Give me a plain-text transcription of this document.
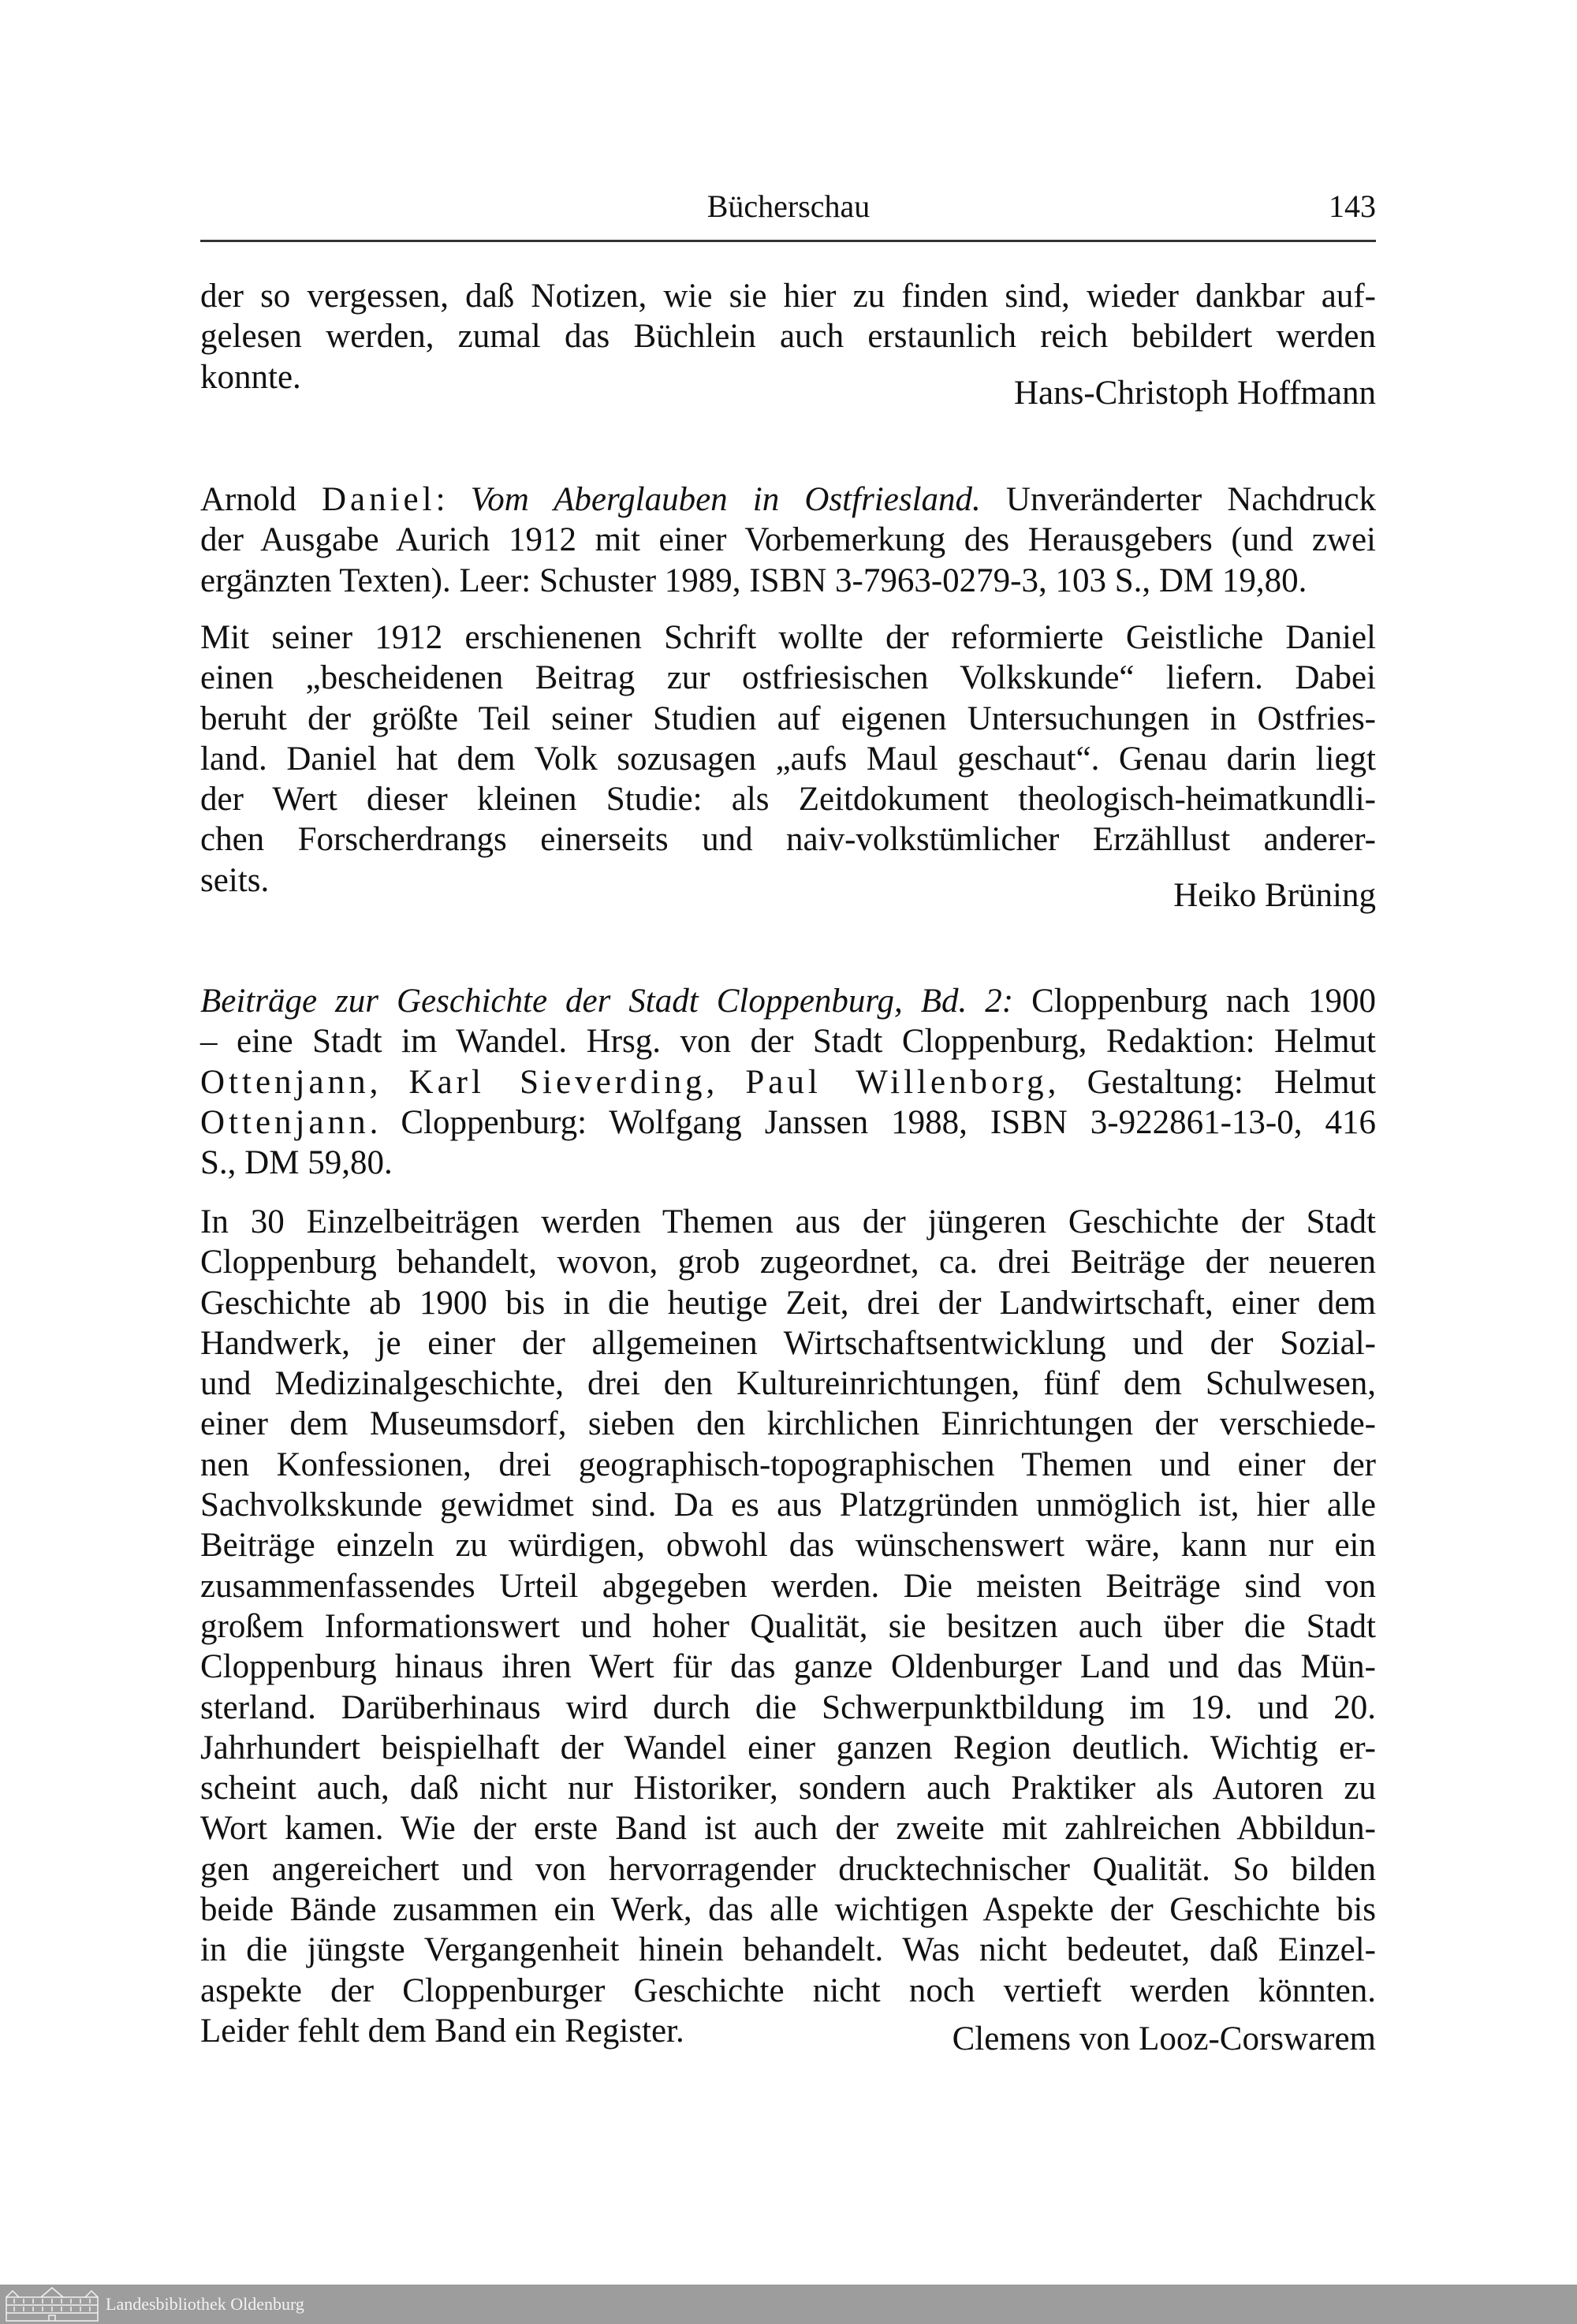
Bücherschau	143
der so vergessen, daß Notizen, wie sie hier zu finden sind, wieder dankbar auf-
gelesen werden, zumal das Büchlein auch erstaunlich reich bebildert werden
konnte.	Hans-Christoph Hoffmann
Arnold Daniel: Vom Aberglauben in Ostfriesland. Unveränderter Nachdruck
der Ausgabe Aurich 1912 mit einer Vorbemerkung des Herausgebers (und zwei
ergänzten Texten). Leer: Schuster 1989, ISBN 3-7963-0279-3, 103 S., DM 19,80.
Mit seiner 1912 erschienenen Schrift wollte der reformierte Geistliche Daniel
einen „bescheidenen Beitrag zur ostfriesischen Volkskunde“ liefern. Dabei
beruht der größte Teil seiner Studien auf eigenen Untersuchungen in Ostfries-
land. Daniel hat dem Volk sozusagen „aufs Maul geschaut“. Genau darin liegt
der Wert dieser kleinen Studie: als Zeitdokument theologisch-heimatkundli-
chen Forscherdrangs einerseits und naiv-volkstümlicher Erzähllust anderer-
seits.	Heiko Brüning
Beiträge zur Geschichte der Stadt Cloppenburg, Bd. 2: Cloppenburg nach 1900
– eine Stadt im Wandel. Hrsg. von der Stadt Cloppenburg, Redaktion: Helmut
Ottenjann, Karl Sieverding, Paul Willenborg, Gestaltung: Helmut
Ottenjann. Cloppenburg: Wolfgang Janssen 1988, ISBN 3-922861-13-0, 416
S., DM 59,80.
In 30 Einzelbeiträgen werden Themen aus der jüngeren Geschichte der Stadt
Cloppenburg behandelt, wovon, grob zugeordnet, ca. drei Beiträge der neueren
Geschichte ab 1900 bis in die heutige Zeit, drei der Landwirtschaft, einer dem
Handwerk, je einer der allgemeinen Wirtschaftsentwicklung und der Sozial-
und Medizinalgeschichte, drei den Kultureinrichtungen, fünf dem Schulwesen,
einer dem Museumsdorf, sieben den kirchlichen Einrichtungen der verschiede-
nen Konfessionen, drei geographisch-topographischen Themen und einer der
Sachvolkskunde gewidmet sind. Da es aus Platzgründen unmöglich ist, hier alle
Beiträge einzeln zu würdigen, obwohl das wünschenswert wäre, kann nur ein
zusammenfassendes Urteil abgegeben werden. Die meisten Beiträge sind von
großem Informationswert und hoher Qualität, sie besitzen auch über die Stadt
Cloppenburg hinaus ihren Wert für das ganze Oldenburger Land und das Mün-
sterland. Darüberhinaus wird durch die Schwerpunktbildung im 19. und 20.
Jahrhundert beispielhaft der Wandel einer ganzen Region deutlich. Wichtig er-
scheint auch, daß nicht nur Historiker, sondern auch Praktiker als Autoren zu
Wort kamen. Wie der erste Band ist auch der zweite mit zahlreichen Abbildun-
gen angereichert und von hervorragender drucktechnischer Qualität. So bilden
beide Bände zusammen ein Werk, das alle wichtigen Aspekte der Geschichte bis
in die jüngste Vergangenheit hinein behandelt. Was nicht bedeutet, daß Einzel-
aspekte der Cloppenburger Geschichte nicht noch vertieft werden könnten.
Leider fehlt dem Band ein Register.	Clemens von Looz-Corswarem
Landesbibliothek Oldenburg
